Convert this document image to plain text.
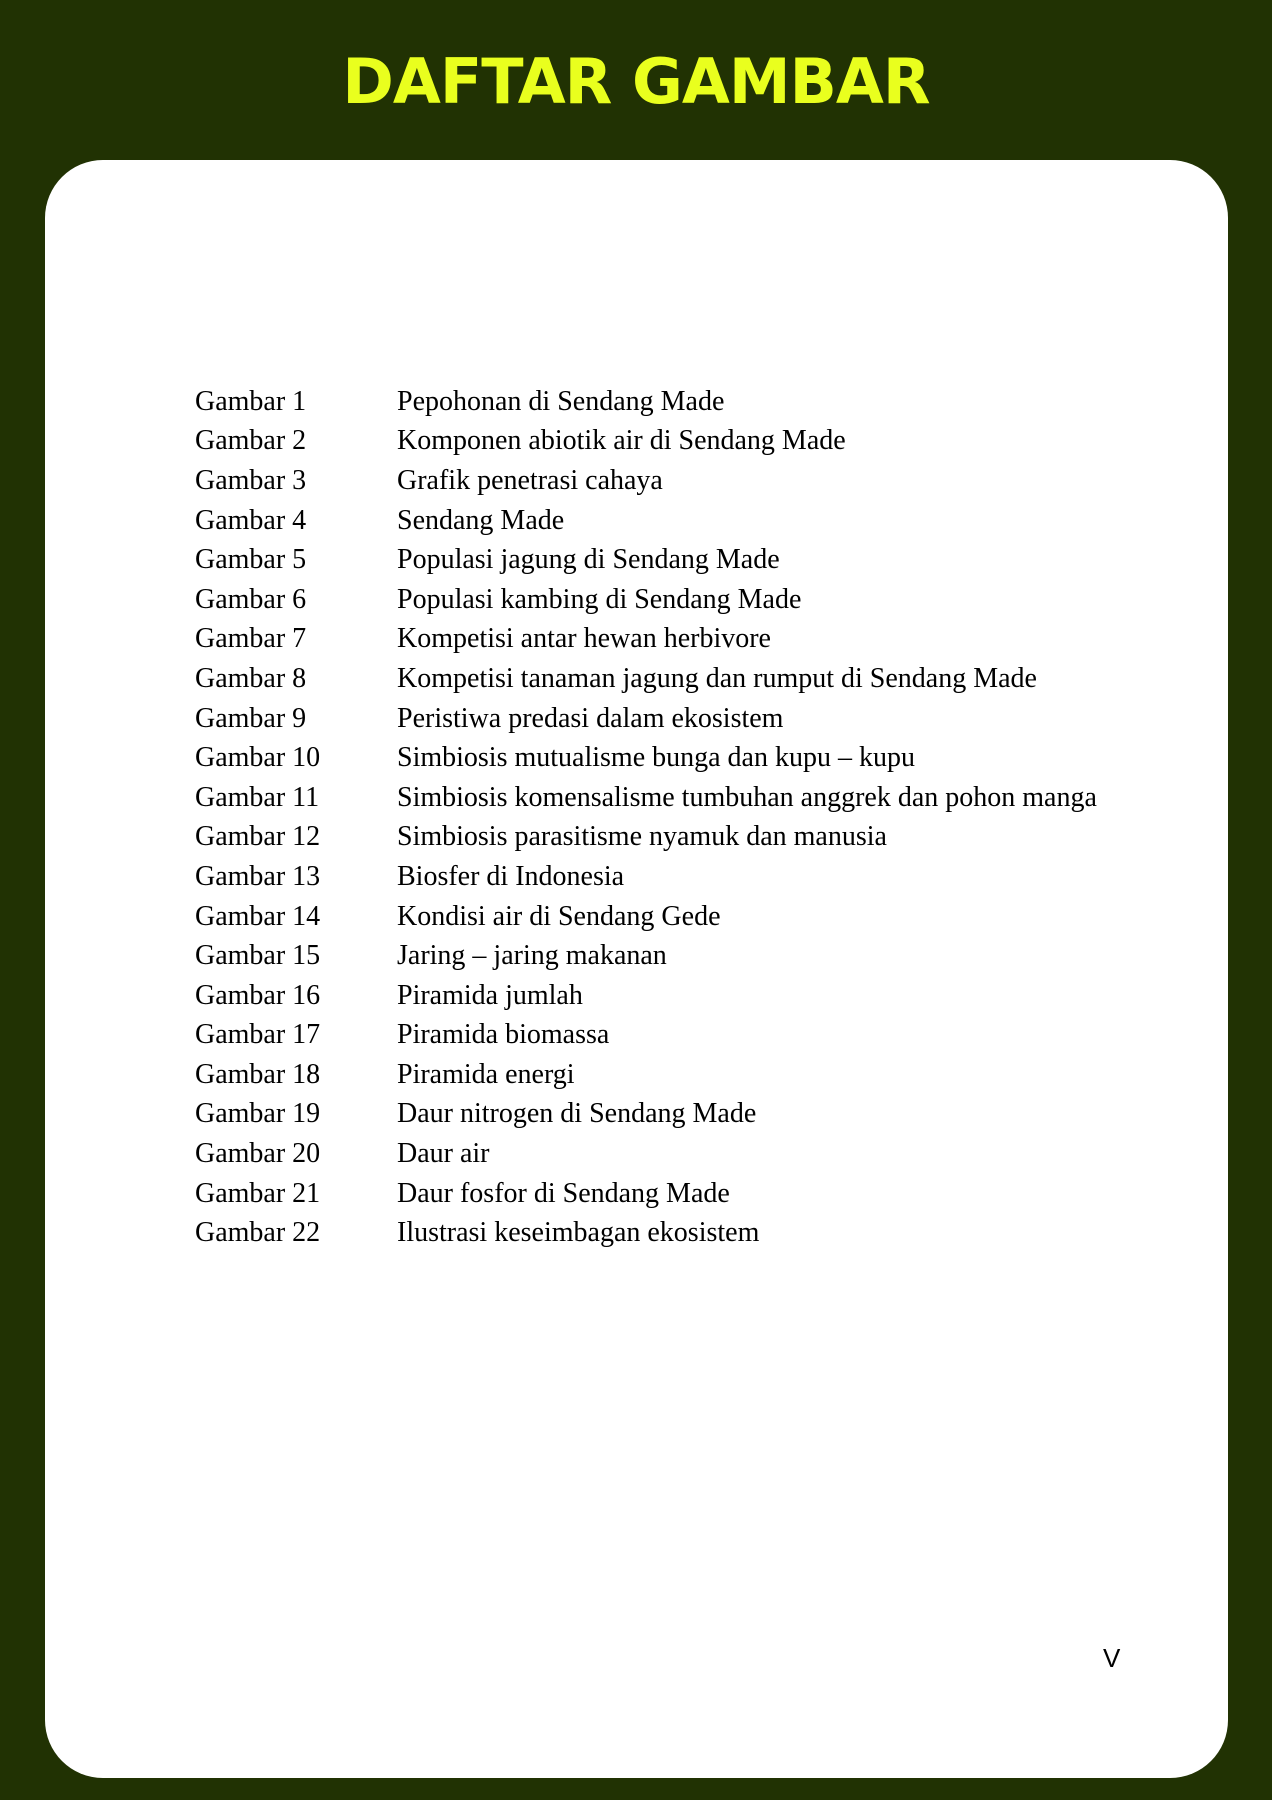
DAFTAR GAMBAR
Gambar 1	Pepohonan di Sendang Made
Gambar 2	Komponen abiotik air di Sendang Made
Gambar 3	Grafik penetrasi cahaya
Gambar 4	Sendang Made
Gambar 5	Populasi jagung di Sendang Made
Gambar 6	Populasi kambing di Sendang Made
Gambar 7	Kompetisi antar hewan herbivore
Gambar 8	Kompetisi tanaman jagung dan rumput di Sendang Made
Gambar 9	Peristiwa predasi dalam ekosistem
Gambar 10	Simbiosis mutualisme bunga dan kupu – kupu
Gambar 11	Simbiosis komensalisme tumbuhan anggrek dan pohon manga
Gambar 12	Simbiosis parasitisme nyamuk dan manusia
Gambar 13	Biosfer di Indonesia
Gambar 14	Kondisi air di Sendang Gede
Gambar 15	Jaring – jaring makanan
Gambar 16	Piramida jumlah
Gambar 17	Piramida biomassa
Gambar 18	Piramida energi
Gambar 19	Daur nitrogen di Sendang Made
Gambar 20	Daur air
Gambar 21	Daur fosfor di Sendang Made
Gambar 22	Ilustrasi keseimbagan ekosistem
V
